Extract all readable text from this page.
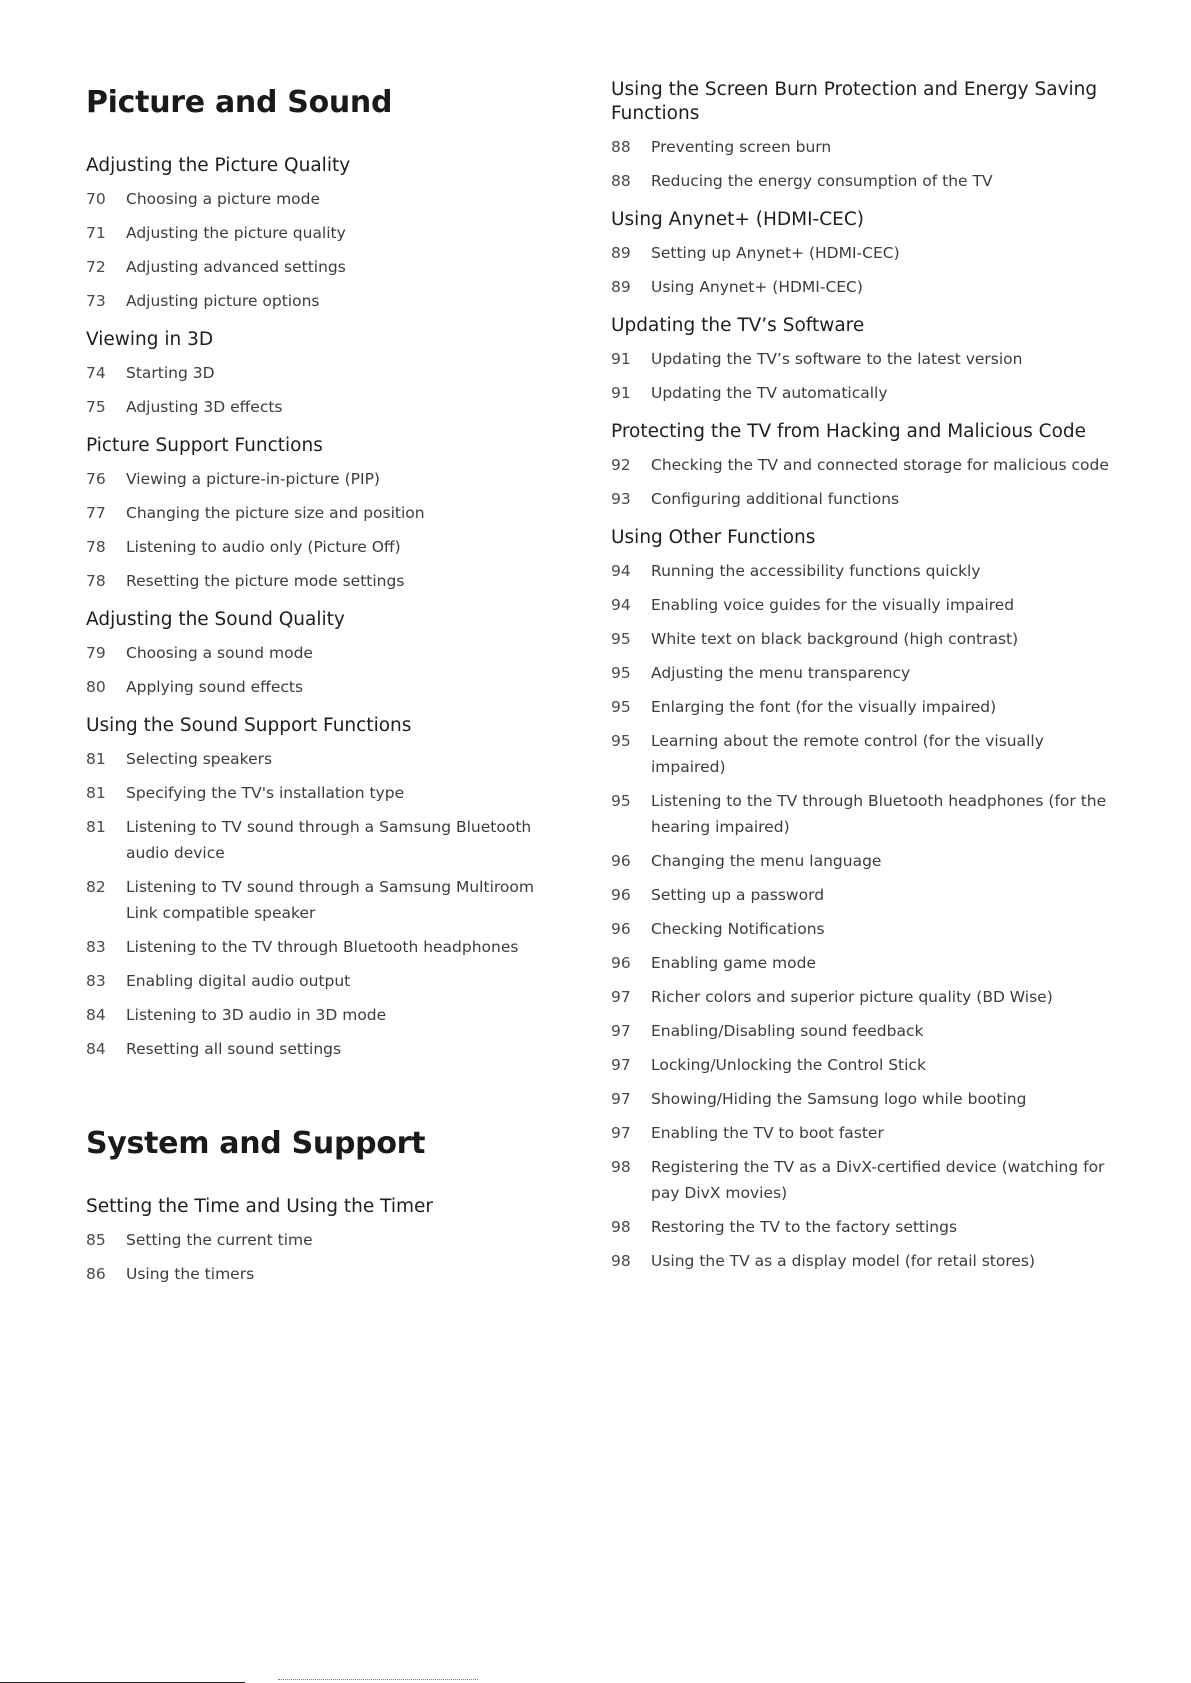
Picture and Sound
Adjusting the Picture Quality
70	Choosing a picture mode
71	Adjusting the picture quality
72	Adjusting advanced settings
73	Adjusting picture options
Viewing in 3D
74	Starting 3D
75	Adjusting 3D effects
Picture Support Functions
76	Viewing a picture-in-picture (PIP)
77	Changing the picture size and position
78	Listening to audio only (Picture Off)
78	Resetting the picture mode settings
Adjusting the Sound Quality
79	Choosing a sound mode
80	Applying sound effects
Using the Sound Support Functions
81	Selecting speakers
81	Specifying the TV's installation type
81	Listening to TV sound through a Samsung Bluetooth audio device
82	Listening to TV sound through a Samsung Multiroom Link compatible speaker
83	Listening to the TV through Bluetooth headphones
83	Enabling digital audio output
84	Listening to 3D audio in 3D mode
84	Resetting all sound settings
System and Support
Setting the Time and Using the Timer
85	Setting the current time
86	Using the timers
Using the Screen Burn Protection and Energy Saving Functions
88	Preventing screen burn
88	Reducing the energy consumption of the TV
Using Anynet+ (HDMI-CEC)
89	Setting up Anynet+ (HDMI-CEC)
89	Using Anynet+ (HDMI-CEC)
Updating the TV’s Software
91	Updating the TV’s software to the latest version
91	Updating the TV automatically
Protecting the TV from Hacking and Malicious Code
92	Checking the TV and connected storage for malicious code
93	Configuring additional functions
Using Other Functions
94	Running the accessibility functions quickly
94	Enabling voice guides for the visually impaired
95	White text on black background (high contrast)
95	Adjusting the menu transparency
95	Enlarging the font (for the visually impaired)
95	Learning about the remote control (for the visually impaired)
95	Listening to the TV through Bluetooth headphones (for the hearing impaired)
96	Changing the menu language
96	Setting up a password
96	Checking Notifications
96	Enabling game mode
97	Richer colors and superior picture quality (BD Wise)
97	Enabling/Disabling sound feedback
97	Locking/Unlocking the Control Stick
97	Showing/Hiding the Samsung logo while booting
97	Enabling the TV to boot faster
98	Registering the TV as a DivX-certified device (watching for pay DivX movies)
98	Restoring the TV to the factory settings
98	Using the TV as a display model (for retail stores)
